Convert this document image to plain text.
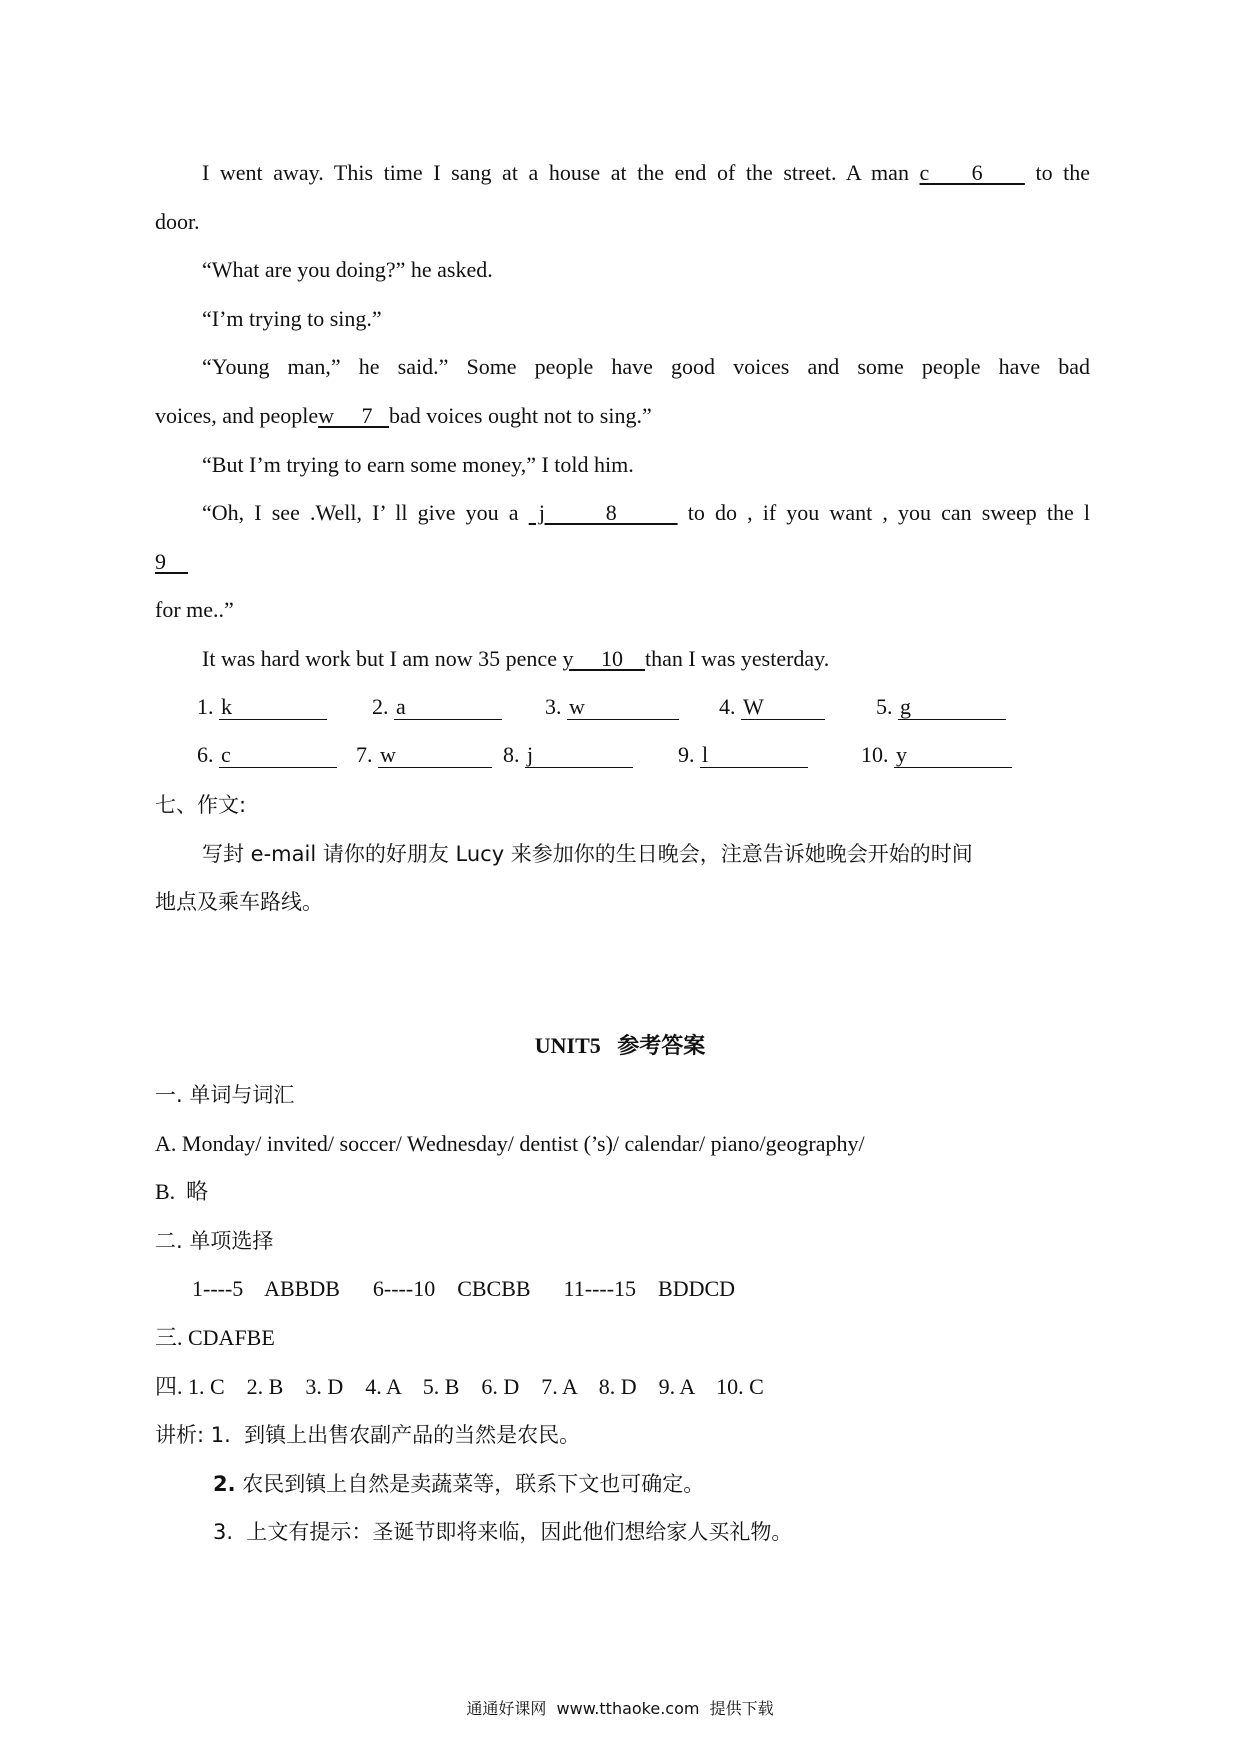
I went away. This time I sang at a house at the end of the street. A man c    6     to the
door.
“What are you doing?” he asked.
“I’m trying to sing.”
“Young man,” he said.” Some people have good voices and some people have bad
voices, and peoplew     7   bad voices ought not to sing.”
“But I’m trying to earn some money,” I told him.
“Oh, I see .Well, I’ ll give you a  j      8       to do , if you want , you can sweep the l
9
for me..”
It was hard work but I am now 35 pence y     10    than I was yesterday.
1. k	2. a	3. w	4. W	5. g
6. c	7. w	8. j	9. l	10. y
七、作文:
写封 e-mail 请你的好朋友 Lucy 来参加你的生日晚会，注意告诉她晚会开始的时间
地点及乘车路线。
UNIT5   参考答案
一. 单词与词汇
A. Monday/ invited/ soccer/ Wednesday/ dentist (’s)/ calendar/ piano/geography/
B.  略
二. 单项选择
1----5    ABBDB      6----10    CBCBB      11----15    BDDCD
三. CDAFBE
四. 1. C    2. B    3. D    4. A    5. B    6. D    7. A    8. D    9. A    10. C
讲析: 1.  到镇上出售农副产品的当然是农民。
2. 农民到镇上自然是卖蔬菜等，联系下文也可确定。
3.  上文有提示：圣诞节即将来临，因此他们想给家人买礼物。
通通好课网  www.tthaoke.com  提供下载
